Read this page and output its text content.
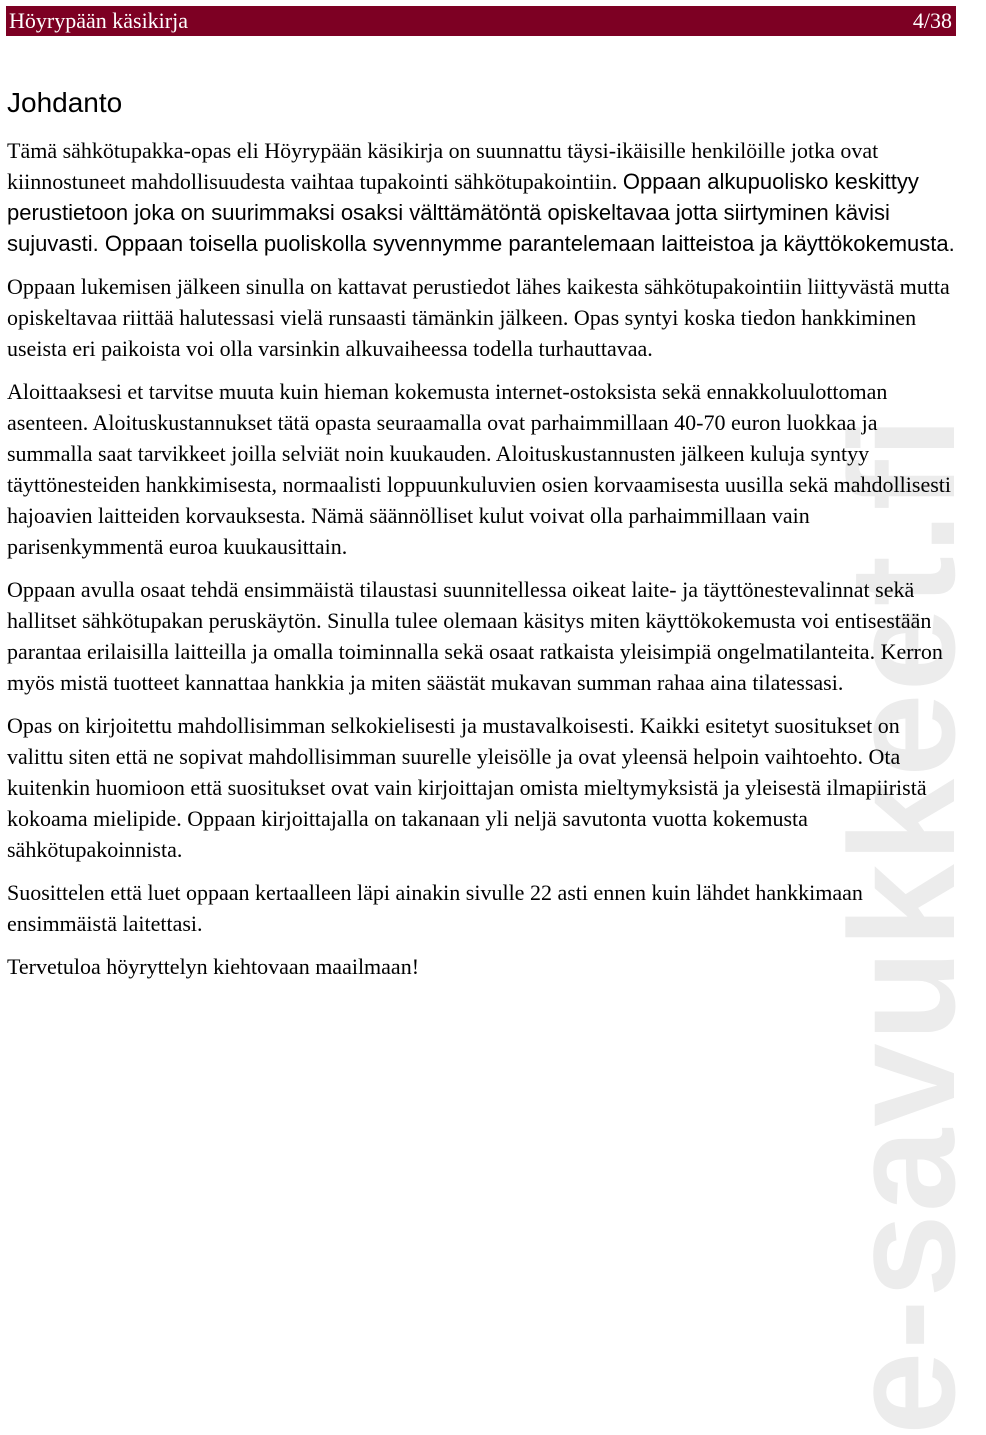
Höyrypään käsikirja	4/38
e-savukkeet.fi
Johdanto

Tämä sähkötupakka-opas eli Höyrypään käsikirja on suunnattu täysi-ikäisille henkilöille jotka ovat kiinnostuneet mahdollisuudesta vaihtaa tupakointi sähkötupakointiin. Oppaan alkupuolisko keskittyy perustietoon joka on suurimmaksi osaksi välttämätöntä opiskeltavaa jotta siirtyminen kävisi sujuvasti. Oppaan toisella puoliskolla syvennymme parantelemaan laitteistoa ja käyttökokemusta.

Oppaan lukemisen jälkeen sinulla on kattavat perustiedot lähes kaikesta sähkötupakointiin liittyvästä mutta opiskeltavaa riittää halutessasi vielä runsaasti tämänkin jälkeen. Opas syntyi koska tiedon hankkiminen useista eri paikoista voi olla varsinkin alkuvaiheessa todella turhauttavaa.

Aloittaaksesi et tarvitse muuta kuin hieman kokemusta internet-ostoksista sekä ennakkoluulottoman asenteen. Aloituskustannukset tätä opasta seuraamalla ovat parhaimmillaan 40-70 euron luokkaa ja summalla saat tarvikkeet joilla selviät noin kuukauden. Aloituskustannusten jälkeen kuluja syntyy täyttönesteiden hankkimisesta, normaalisti loppuunkuluvien osien korvaamisesta uusilla sekä mahdollisesti hajoavien laitteiden korvauksesta. Nämä säännölliset kulut voivat olla parhaimmillaan vain parisenkymmentä euroa kuukausittain.

Oppaan avulla osaat tehdä ensimmäistä tilaustasi suunnitellessa oikeat laite- ja täyttönestevalinnat sekä hallitset sähkötupakan peruskäytön. Sinulla tulee olemaan käsitys miten käyttökokemusta voi entisestään parantaa erilaisilla laitteilla ja omalla toiminnalla sekä osaat ratkaista yleisimpiä ongelmatilanteita. Kerron myös mistä tuotteet kannattaa hankkia ja miten säästät mukavan summan rahaa aina tilatessasi.

Opas on kirjoitettu mahdollisimman selkokielisesti ja mustavalkoisesti. Kaikki esitetyt suositukset on valittu siten että ne sopivat mahdollisimman suurelle yleisölle ja ovat yleensä helpoin vaihtoehto. Ota kuitenkin huomioon että suositukset ovat vain kirjoittajan omista mieltymyksistä ja yleisestä ilmapiiristä kokoama mielipide. Oppaan kirjoittajalla on takanaan yli neljä savutonta vuotta kokemusta sähkötupakoinnista.

Suosittelen että luet oppaan kertaalleen läpi ainakin sivulle 22 asti ennen kuin lähdet hankkimaan ensimmäistä laitettasi.

Tervetuloa höyryttelyn kiehtovaan maailmaan!
